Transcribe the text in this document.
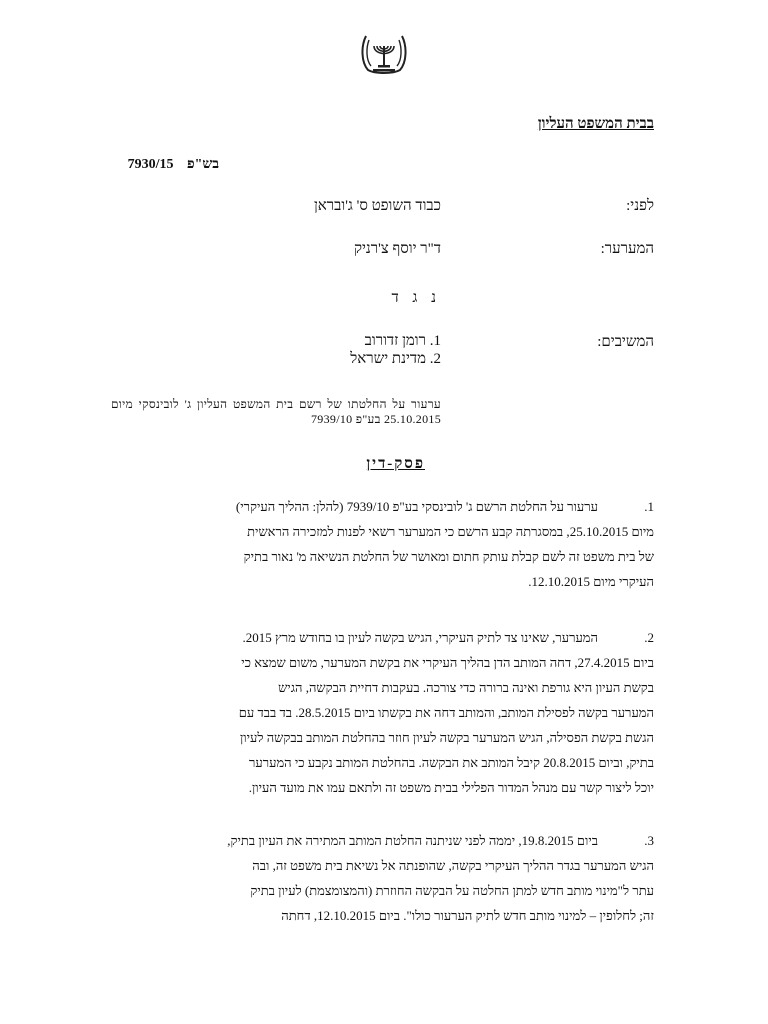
בבית המשפט העליון
בש"פ 7930/15
לפני:
כבוד השופט ס' ג'ובראן
המערער:
ד"ר יוסף צ'רניק
נ ג ד
המשיבים:
1. רומן זדורוב
2. מדינת ישראל
ערעור על החלטתו של רשם בית המשפט העליון ג' לובינסקי מיום 25.10.2015 בע"פ 7939/10
פסק-דין
1.ערעור על החלטת הרשם ג' לובינסקי בע"פ 7939/10 (להלן: ההליך העיקרי)
מיום 25.10.2015, במסגרתה קבע הרשם כי המערער רשאי לפנות למזכירה הראשית
של בית משפט זה לשם קבלת עותק חתום ומאושר של החלטת הנשיאה מ' נאור בתיק
העיקרי מיום 12.10.2015.
2.המערער, שאינו צד לתיק העיקרי, הגיש בקשה לעיון בו בחודש מרץ 2015.
ביום 27.4.2015, דחה המותב הדן בהליך העיקרי את בקשת המערער, משום שמצא כי
בקשת העיון היא גורפת ואינה ברורה כדי צורכה. בעקבות דחיית הבקשה, הגיש
המערער בקשה לפסילת המותב, והמותב דחה את בקשתו ביום 28.5.2015. בד בבד עם
הגשת בקשת הפסילה, הגיש המערער בקשה לעיון חוזר בהחלטת המותב בבקשה לעיון
בתיק, וביום 20.8.2015 קיבל המותב את הבקשה. בהחלטת המותב נקבע כי המערער
יוכל ליצור קשר עם מנהל המדור הפלילי בבית משפט זה ולתאם עמו את מועד העיון.
3.ביום 19.8.2015, יממה לפני שניתנה החלטת המותב המתירה את העיון בתיק,
הגיש המערער בגדר ההליך העיקרי בקשה, שהופנתה אל נשיאת בית משפט זה, ובה
עתר ל"מינוי מותב חדש למתן החלטה על הבקשה החוזרת (והמצומצמת) לעיון בתיק
זה; לחלופין – למינוי מותב חדש לתיק הערעור כולו". ביום 12.10.2015, דחתה
